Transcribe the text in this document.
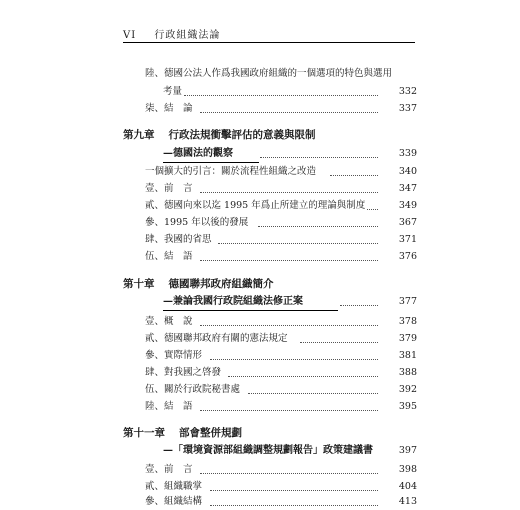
VI 行政組織法論
陸、德國公法人作爲我國政府組織的一個選項的特色與選用
考量	332
柒、結　論	337
第九章 行政法規衝擊評估的意義與限制
—德國法的觀察	339
一個擴大的引言：關於流程性組織之改造	340
壹、前　言	347
貳、德國向來以迄 1995 年爲止所建立的理論與制度	349
參、1995 年以後的發展	367
肆、我國的省思	371
伍、結　語	376
第十章 德國聯邦政府組織簡介
—兼論我國行政院組織法修正案	377
壹、概　說	378
貳、德國聯邦政府有關的憲法規定	379
參、實際情形	381
肆、對我國之啓發	388
伍、關於行政院秘書處	392
陸、結　語	395
第十一章 部會整併規劃
—「環境資源部組織調整規劃報告」政策建議書	397
壹、前　言	398
貳、組織職掌	404
參、組織結構	413
